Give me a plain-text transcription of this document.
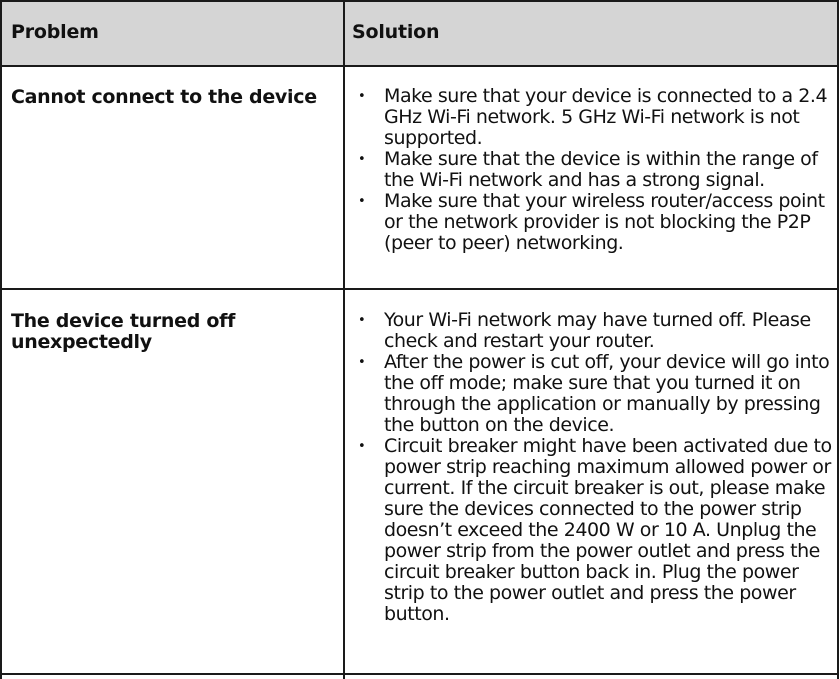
Problem	Solution
Cannot connect to the device
•	Make sure that your device is connected to a 2.4 GHz Wi-Fi network. 5 GHz Wi-Fi network is not supported.
• Make sure that the device is within the range of the Wi-Fi network and has a strong signal.
• Make sure that your wireless router/access point or the network provider is not blocking the P2P (peer to peer) networking.
The device turned off unexpectedly
• Your Wi-Fi network may have turned off. Please check and restart your router.
• After the power is cut off, your device will go into the off mode; make sure that you turned it on through the application or manually by pressing the button on the device.
• Circuit breaker might have been activated due to power strip reaching maximum allowed power or current. If the circuit breaker is out, please make sure the devices connected to the power strip doesn’t exceed the 2400 W or 10 A. Unplug the power strip from the power outlet and press the circuit breaker button back in. Plug the power strip to the power outlet and press the power button.
